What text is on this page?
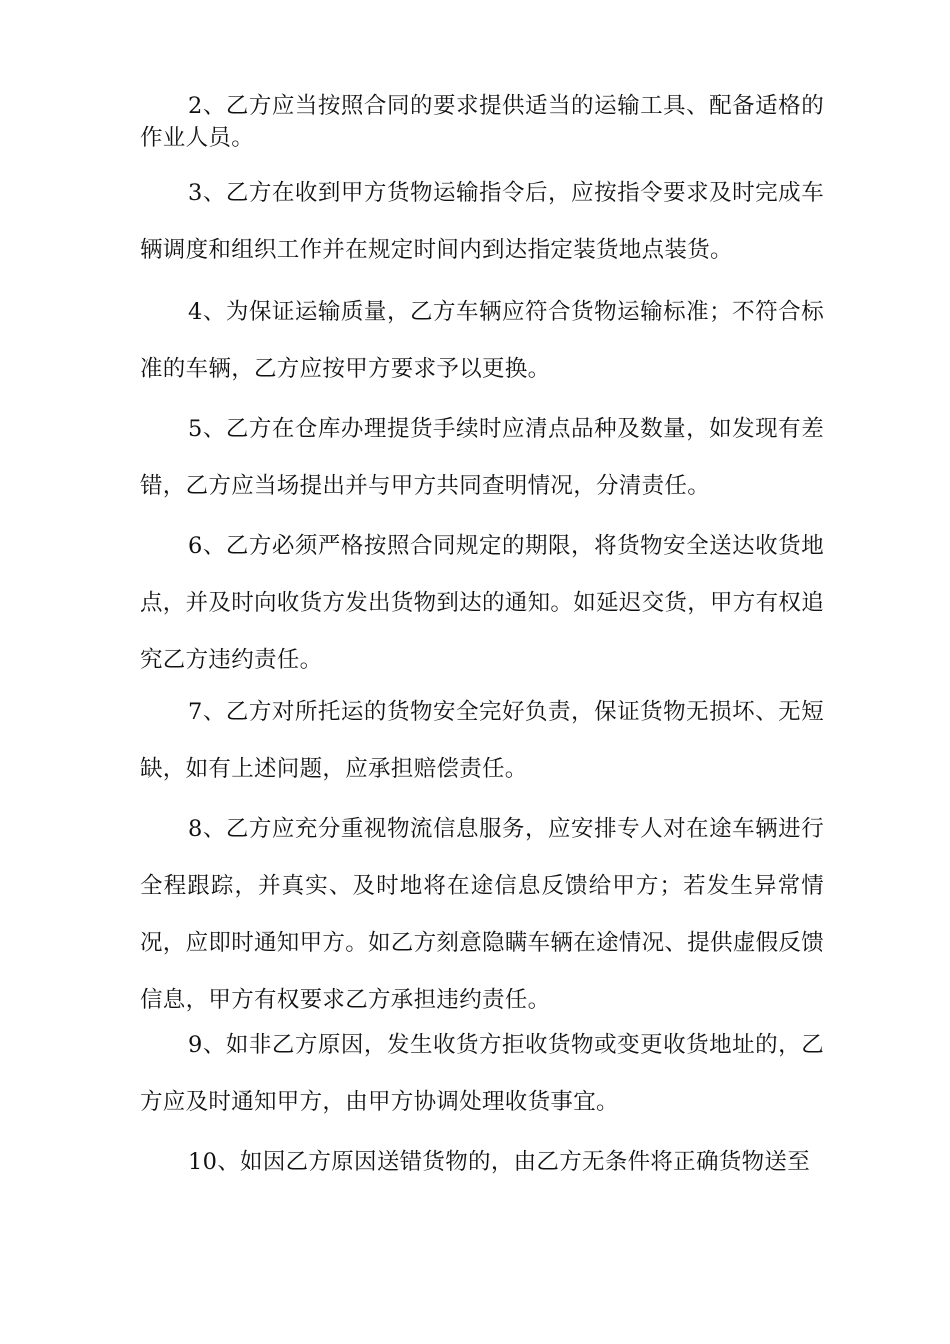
2、乙方应当按照合同的要求提供适当的运输工具、配备适格的作业人员。

3、乙方在收到甲方货物运输指令后，应按指令要求及时完成车辆调度和组织工作并在规定时间内到达指定装货地点装货。

4、为保证运输质量，乙方车辆应符合货物运输标准；不符合标准的车辆，乙方应按甲方要求予以更换。

5、乙方在仓库办理提货手续时应清点品种及数量，如发现有差错，乙方应当场提出并与甲方共同查明情况，分清责任。

6、乙方必须严格按照合同规定的期限，将货物安全送达收货地点，并及时向收货方发出货物到达的通知。如延迟交货，甲方有权追究乙方违约责任。

7、乙方对所托运的货物安全完好负责，保证货物无损坏、无短缺，如有上述问题，应承担赔偿责任。

8、乙方应充分重视物流信息服务，应安排专人对在途车辆进行全程跟踪，并真实、及时地将在途信息反馈给甲方；若发生异常情况，应即时通知甲方。如乙方刻意隐瞒车辆在途情况、提供虚假反馈信息，甲方有权要求乙方承担违约责任。

9、如非乙方原因，发生收货方拒收货物或变更收货地址的，乙方应及时通知甲方，由甲方协调处理收货事宜。

10、如因乙方原因送错货物的，由乙方无条件将正确货物送至
